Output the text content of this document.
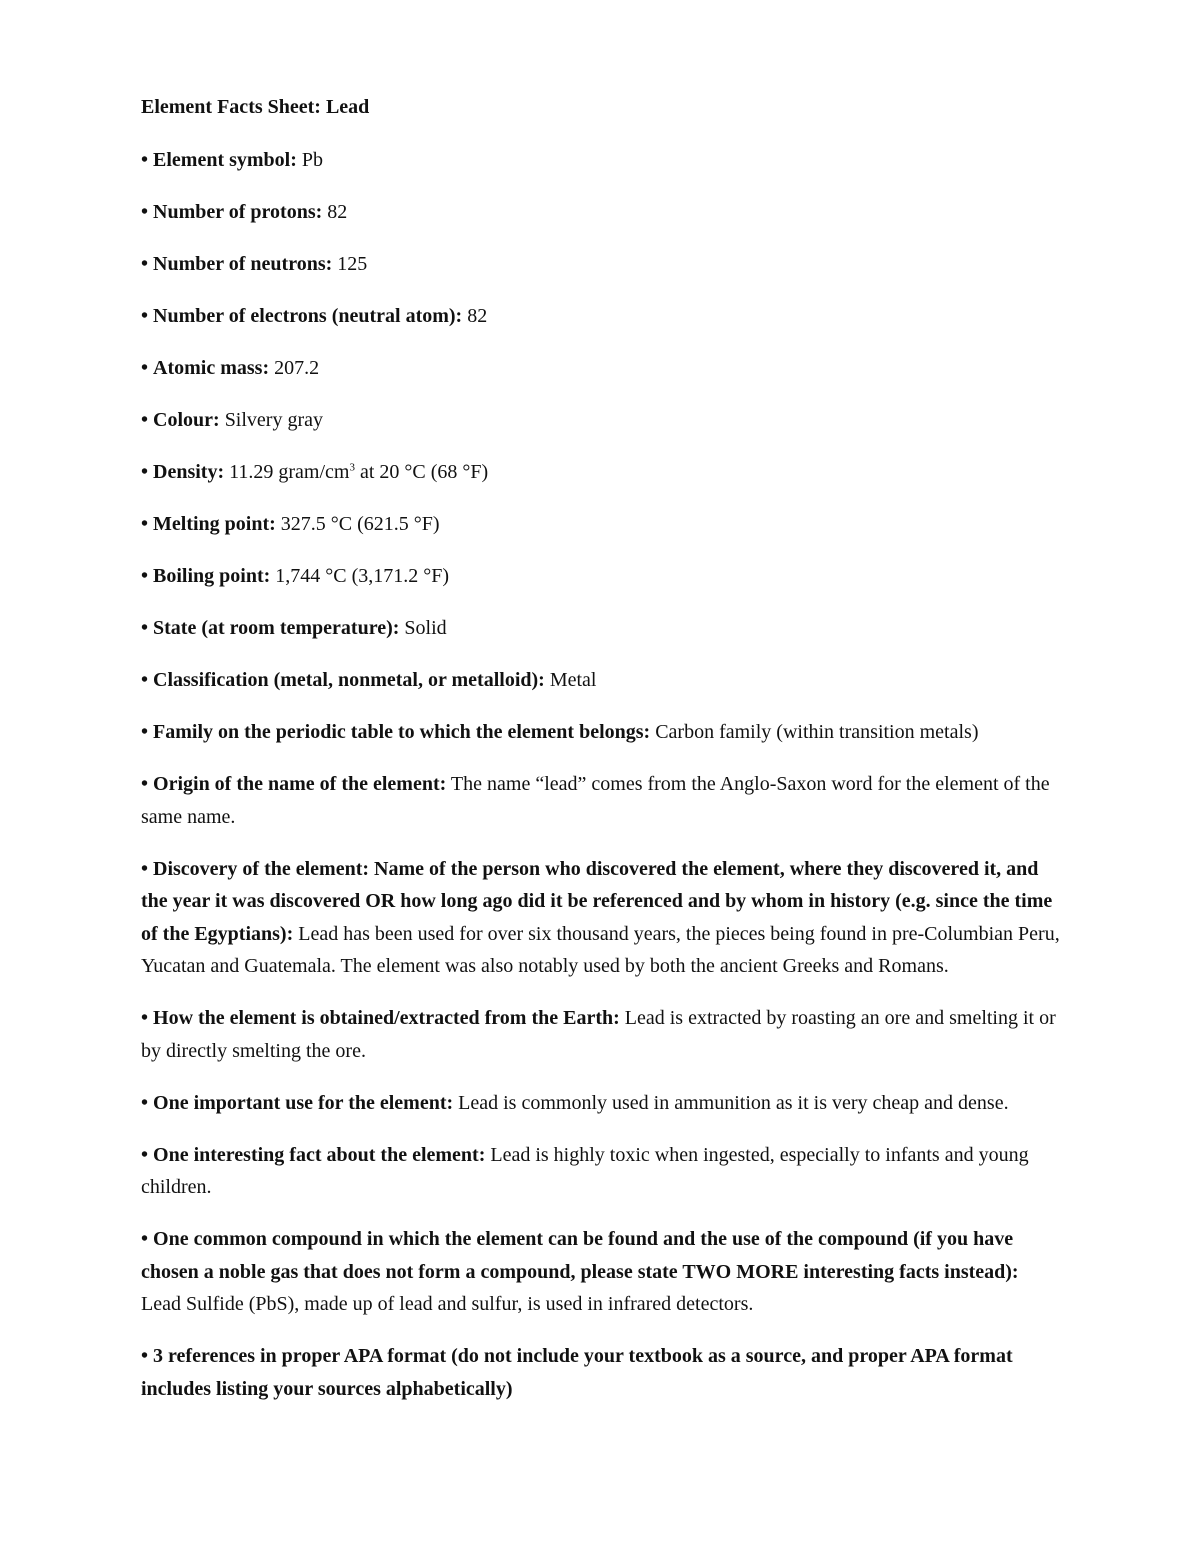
Element Facts Sheet: Lead
• Element symbol: Pb
• Number of protons: 82
• Number of neutrons: 125
• Number of electrons (neutral atom): 82
• Atomic mass: 207.2
• Colour: Silvery gray
• Density: 11.29 gram/$cm^3$ at 20 °C (68 °F)
• Melting point: 327.5 °C (621.5 °F)
• Boiling point: 1,744 °C (3,171.2 °F)
• State (at room temperature): Solid
• Classification (metal, nonmetal, or metalloid): Metal
• Family on the periodic table to which the element belongs: Carbon family (within transition metals)
• Origin of the name of the element: The name “lead” comes from the Anglo-Saxon word for the element of the same name.
• Discovery of the element: Name of the person who discovered the element, where they discovered it, and the year it was discovered OR how long ago did it be referenced and by whom in history (e.g. since the time of the Egyptians): Lead has been used for over six thousand years, the pieces being found in pre-Columbian Peru, Yucatan and Guatemala. The element was also notably used by both the ancient Greeks and Romans.
• How the element is obtained/extracted from the Earth: Lead is extracted by roasting an ore and smelting it or by directly smelting the ore.
• One important use for the element: Lead is commonly used in ammunition as it is very cheap and dense.
• One interesting fact about the element: Lead is highly toxic when ingested, especially to infants and young children.
• One common compound in which the element can be found and the use of the compound (if you have chosen a noble gas that does not form a compound, please state TWO MORE interesting facts instead): Lead Sulfide (PbS), made up of lead and sulfur, is used in infrared detectors.
• 3 references in proper APA format (do not include your textbook as a source, and proper APA format includes listing your sources alphabetically)
